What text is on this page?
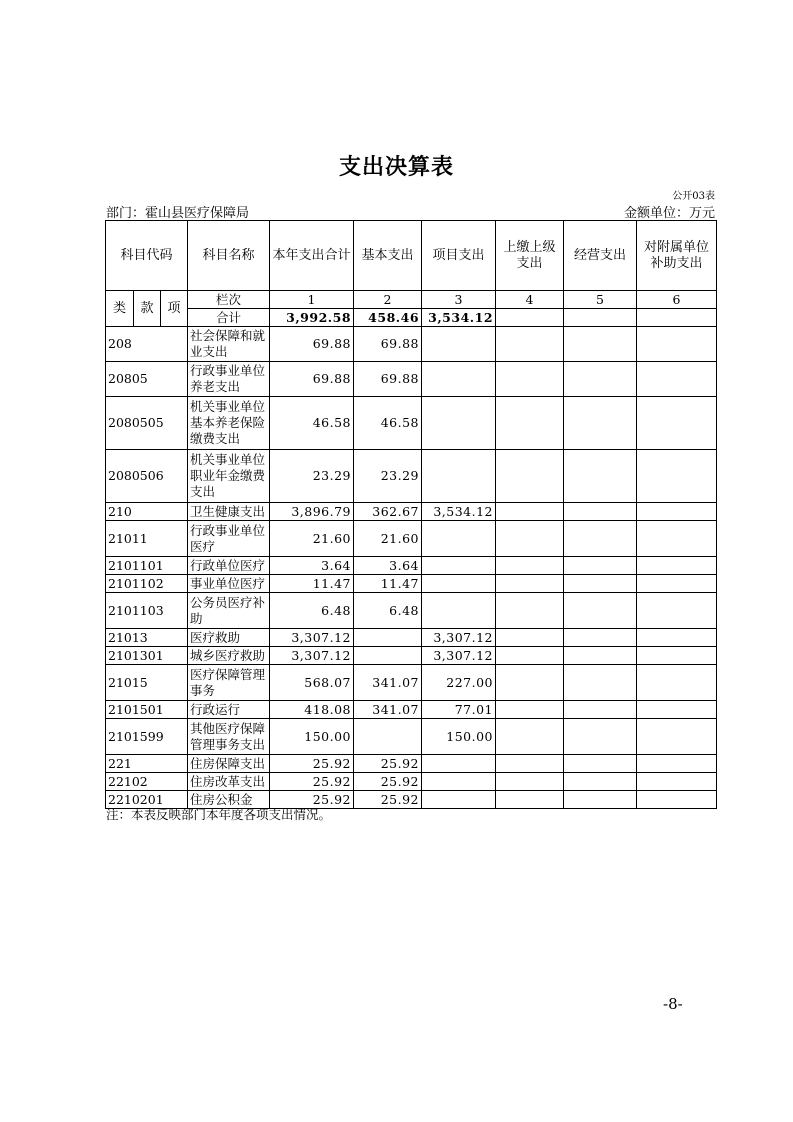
支出决算表
公开03表
部门：霍山县医疗保障局	金额单位：万元
科目代码			科目名称	本年支出合计	基本支出	项目支出	上缴上级支出	经营支出	对附属单位补助支出
类	款	项	栏次	1	2	3	4	5	6
			合计	3,992.58	458.46	3,534.12			
208			社会保障和就业支出	69.88	69.88				
20805			行政事业单位养老支出	69.88	69.88				
2080505			机关事业单位基本养老保险缴费支出	46.58	46.58				
2080506			机关事业单位职业年金缴费支出	23.29	23.29				
210			卫生健康支出	3,896.79	362.67	3,534.12			
21011			行政事业单位医疗	21.60	21.60				
2101101			行政单位医疗	3.64	3.64				
2101102			事业单位医疗	11.47	11.47				
2101103			公务员医疗补助	6.48	6.48				
21013			医疗救助	3,307.12		3,307.12			
2101301			城乡医疗救助	3,307.12		3,307.12			
21015			医疗保障管理事务	568.07	341.07	227.00			
2101501			行政运行	418.08	341.07	77.01			
2101599			其他医疗保障管理事务支出	150.00		150.00			
221			住房保障支出	25.92	25.92				
22102			住房改革支出	25.92	25.92				
2210201			住房公积金	25.92	25.92				
注：本表反映部门本年度各项支出情况。
-8-
